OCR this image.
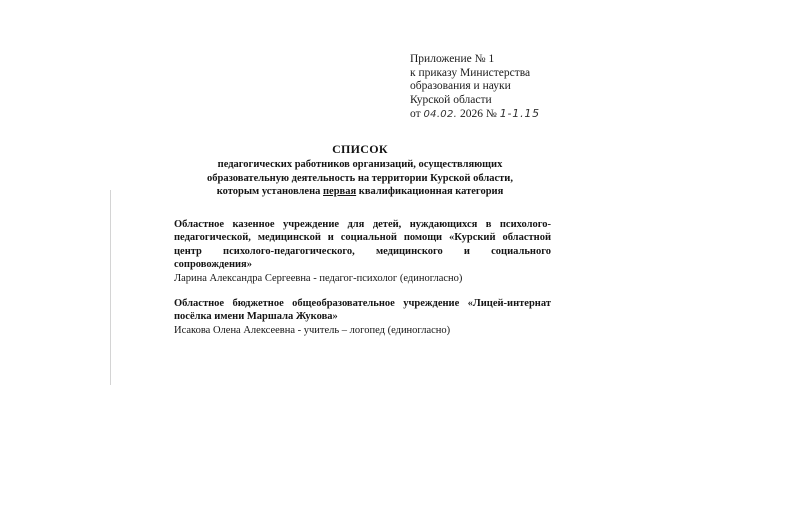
Приложение № 1
к приказу Министерства
образования и науки
Курской области
от 04.02. 2026 № 1-1.15
СПИСОК
педагогических работников организаций, осуществляющих
образовательную деятельность на территории Курской области,
которым установлена первая квалификационная категория
Областное казенное учреждение для детей, нуждающихся в психолого-педагогической, медицинской и социальной помощи «Курский областной центр психолого-педагогического, медицинского и социального сопровождения»
Ларина Александра Сергеевна - педагог-психолог (единогласно)
Областное бюджетное общеобразовательное учреждение «Лицей-интернат посёлка имени Маршала Жукова»
Исакова Олена Алексеевна - учитель – логопед (единогласно)
